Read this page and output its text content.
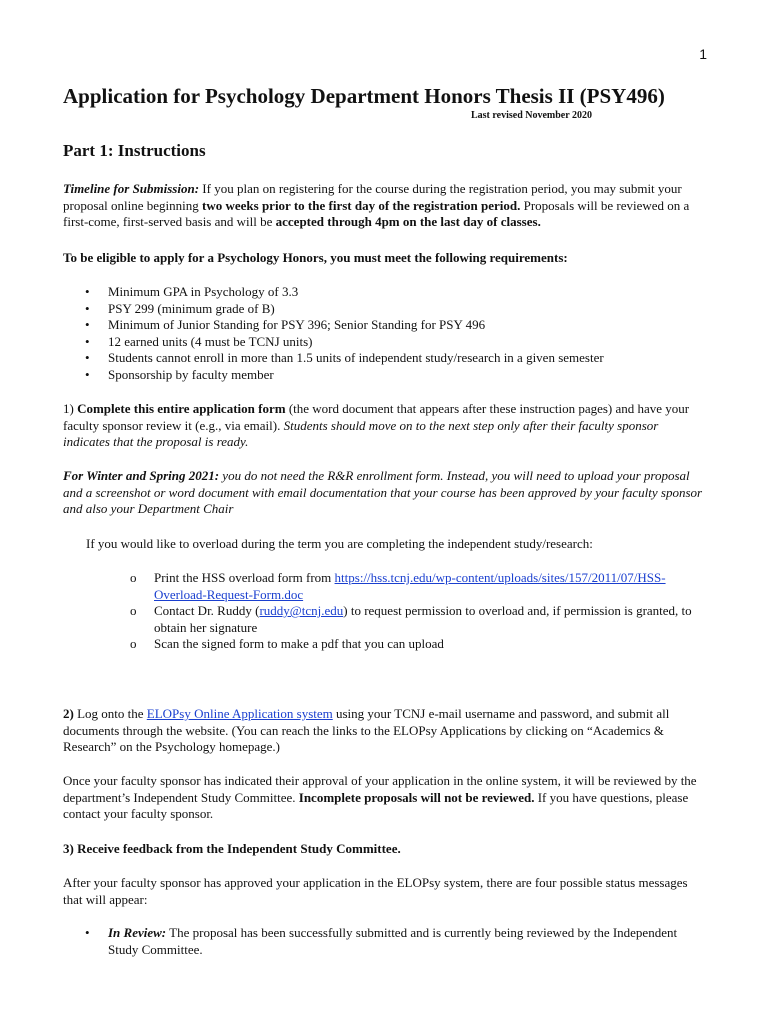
1
Application for Psychology Department Honors Thesis II (PSY496)
Last revised November 2020
Part 1: Instructions
Timeline for Submission: If you plan on registering for the course during the registration period, you may submit your proposal online beginning two weeks prior to the first day of the registration period. Proposals will be reviewed on a first-come, first-served basis and will be accepted through 4pm on the last day of classes.
To be eligible to apply for a Psychology Honors, you must meet the following requirements:
• Minimum GPA in Psychology of 3.3
• PSY 299 (minimum grade of B)
• Minimum of Junior Standing for PSY 396; Senior Standing for PSY 496
• 12 earned units (4 must be TCNJ units)
• Students cannot enroll in more than 1.5 units of independent study/research in a given semester
• Sponsorship by faculty member
1) Complete this entire application form (the word document that appears after these instruction pages) and have your faculty sponsor review it (e.g., via email). Students should move on to the next step only after their faculty sponsor indicates that the proposal is ready.
For Winter and Spring 2021: you do not need the R&R enrollment form. Instead, you will need to upload your proposal and a screenshot or word document with email documentation that your course has been approved by your faculty sponsor and also your Department Chair
If you would like to overload during the term you are completing the independent study/research:
o Print the HSS overload form from https://hss.tcnj.edu/wp-content/uploads/sites/157/2011/07/HSS-Overload-Request-Form.doc
o Contact Dr. Ruddy (ruddy@tcnj.edu) to request permission to overload and, if permission is granted, to obtain her signature
o Scan the signed form to make a pdf that you can upload
2) Log onto the ELOPsy Online Application system using your TCNJ e-mail username and password, and submit all documents through the website. (You can reach the links to the ELOPsy Applications by clicking on “Academics & Research” on the Psychology homepage.)
Once your faculty sponsor has indicated their approval of your application in the online system, it will be reviewed by the department’s Independent Study Committee. Incomplete proposals will not be reviewed. If you have questions, please contact your faculty sponsor.
3) Receive feedback from the Independent Study Committee.
After your faculty sponsor has approved your application in the ELOPsy system, there are four possible status messages that will appear:
• In Review: The proposal has been successfully submitted and is currently being reviewed by the Independent Study Committee.
